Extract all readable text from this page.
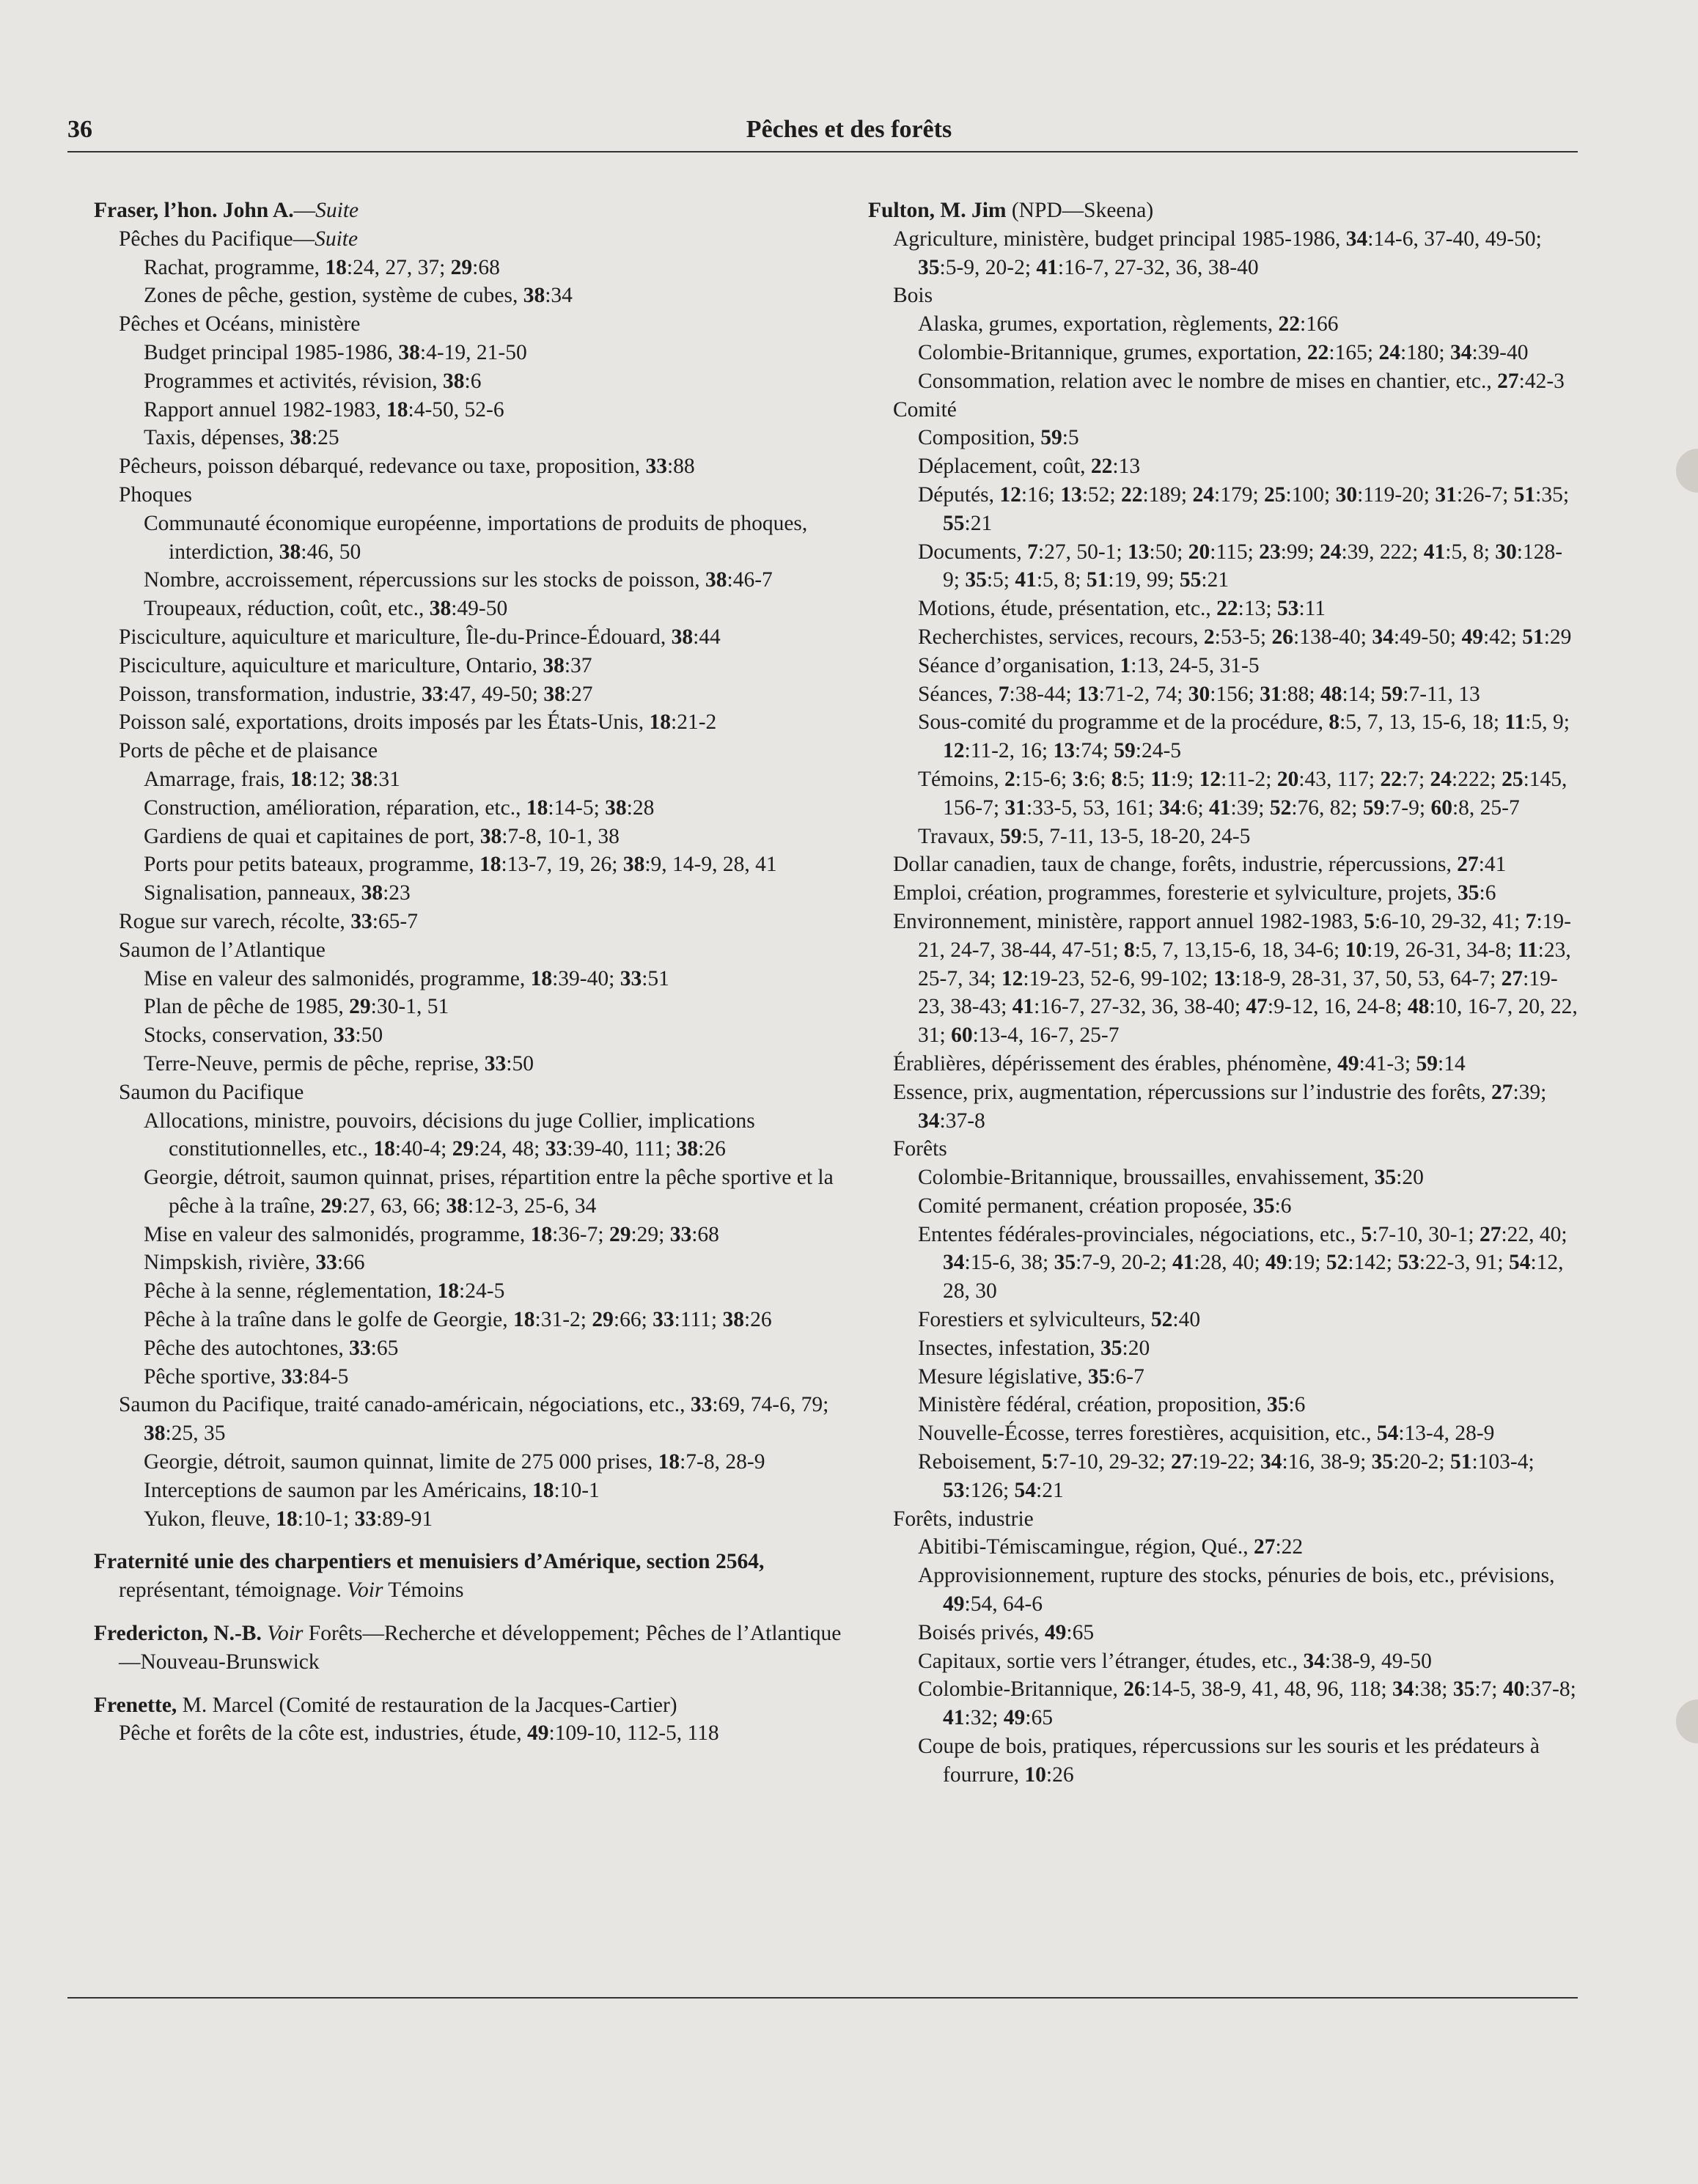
36	Pêches et des forêts
Fraser, l’hon. John A.—Suite
Pêches du Pacifique—Suite
Rachat, programme, 18:24, 27, 37; 29:68
Zones de pêche, gestion, système de cubes, 38:34
Pêches et Océans, ministère
Budget principal 1985-1986, 38:4-19, 21-50
Programmes et activités, révision, 38:6
Rapport annuel 1982-1983, 18:4-50, 52-6
Taxis, dépenses, 38:25
Pêcheurs, poisson débarqué, redevance ou taxe, proposition, 33:88
Phoques
Communauté économique européenne, importations de produits de phoques, interdiction, 38:46, 50
Nombre, accroissement, répercussions sur les stocks de poisson, 38:46-7
Troupeaux, réduction, coût, etc., 38:49-50
Pisciculture, aquiculture et mariculture, Île-du-Prince-Édouard, 38:44
Pisciculture, aquiculture et mariculture, Ontario, 38:37
Poisson, transformation, industrie, 33:47, 49-50; 38:27
Poisson salé, exportations, droits imposés par les États-Unis, 18:21-2
Ports de pêche et de plaisance
Amarrage, frais, 18:12; 38:31
Construction, amélioration, réparation, etc., 18:14-5; 38:28
Gardiens de quai et capitaines de port, 38:7-8, 10-1, 38
Ports pour petits bateaux, programme, 18:13-7, 19, 26; 38:9, 14-9, 28, 41
Signalisation, panneaux, 38:23
Rogue sur varech, récolte, 33:65-7
Saumon de l’Atlantique
Mise en valeur des salmonidés, programme, 18:39-40; 33:51
Plan de pêche de 1985, 29:30-1, 51
Stocks, conservation, 33:50
Terre-Neuve, permis de pêche, reprise, 33:50
Saumon du Pacifique
Allocations, ministre, pouvoirs, décisions du juge Collier, implications constitutionnelles, etc., 18:40-4; 29:24, 48; 33:39-40, 111; 38:26
Georgie, détroit, saumon quinnat, prises, répartition entre la pêche sportive et la pêche à la traîne, 29:27, 63, 66; 38:12-3, 25-6, 34
Mise en valeur des salmonidés, programme, 18:36-7; 29:29; 33:68
Nimpskish, rivière, 33:66
Pêche à la senne, réglementation, 18:24-5
Pêche à la traîne dans le golfe de Georgie, 18:31-2; 29:66; 33:111; 38:26
Pêche des autochtones, 33:65
Pêche sportive, 33:84-5
Saumon du Pacifique, traité canado-américain, négociations, etc., 33:69, 74-6, 79; 38:25, 35
Georgie, détroit, saumon quinnat, limite de 275 000 prises, 18:7-8, 28-9
Interceptions de saumon par les Américains, 18:10-1
Yukon, fleuve, 18:10-1; 33:89-91
Fraternité unie des charpentiers et menuisiers d’Amérique, section 2564, représentant, témoignage. Voir Témoins
Fredericton, N.-B. Voir Forêts—Recherche et développement; Pêches de l’Atlantique—Nouveau-Brunswick
Frenette, M. Marcel (Comité de restauration de la Jacques-Cartier)
Pêche et forêts de la côte est, industries, étude, 49:109-10, 112-5, 118
Fulton, M. Jim (NPD—Skeena)
Agriculture, ministère, budget principal 1985-1986, 34:14-6, 37-40, 49-50; 35:5-9, 20-2; 41:16-7, 27-32, 36, 38-40
Bois
Alaska, grumes, exportation, règlements, 22:166
Colombie-Britannique, grumes, exportation, 22:165; 24:180; 34:39-40
Consommation, relation avec le nombre de mises en chantier, etc., 27:42-3
Comité
Composition, 59:5
Déplacement, coût, 22:13
Députés, 12:16; 13:52; 22:189; 24:179; 25:100; 30:119-20; 31:26-7; 51:35; 55:21
Documents, 7:27, 50-1; 13:50; 20:115; 23:99; 24:39, 222; 41:5, 8; 30:128-9; 35:5; 41:5, 8; 51:19, 99; 55:21
Motions, étude, présentation, etc., 22:13; 53:11
Recherchistes, services, recours, 2:53-5; 26:138-40; 34:49-50; 49:42; 51:29
Séance d’organisation, 1:13, 24-5, 31-5
Séances, 7:38-44; 13:71-2, 74; 30:156; 31:88; 48:14; 59:7-11, 13
Sous-comité du programme et de la procédure, 8:5, 7, 13, 15-6, 18; 11:5, 9; 12:11-2, 16; 13:74; 59:24-5
Témoins, 2:15-6; 3:6; 8:5; 11:9; 12:11-2; 20:43, 117; 22:7; 24:222; 25:145, 156-7; 31:33-5, 53, 161; 34:6; 41:39; 52:76, 82; 59:7-9; 60:8, 25-7
Travaux, 59:5, 7-11, 13-5, 18-20, 24-5
Dollar canadien, taux de change, forêts, industrie, répercussions, 27:41
Emploi, création, programmes, foresterie et sylviculture, projets, 35:6
Environnement, ministère, rapport annuel 1982-1983, 5:6-10, 29-32, 41; 7:19-21, 24-7, 38-44, 47-51; 8:5, 7, 13,15-6, 18, 34-6; 10:19, 26-31, 34-8; 11:23, 25-7, 34; 12:19-23, 52-6, 99-102; 13:18-9, 28-31, 37, 50, 53, 64-7; 27:19-23, 38-43; 41:16-7, 27-32, 36, 38-40; 47:9-12, 16, 24-8; 48:10, 16-7, 20, 22, 31; 60:13-4, 16-7, 25-7
Érablières, dépérissement des érables, phénomène, 49:41-3; 59:14
Essence, prix, augmentation, répercussions sur l’industrie des forêts, 27:39; 34:37-8
Forêts
Colombie-Britannique, broussailles, envahissement, 35:20
Comité permanent, création proposée, 35:6
Ententes fédérales-provinciales, négociations, etc., 5:7-10, 30-1; 27:22, 40; 34:15-6, 38; 35:7-9, 20-2; 41:28, 40; 49:19; 52:142; 53:22-3, 91; 54:12, 28, 30
Forestiers et sylviculteurs, 52:40
Insectes, infestation, 35:20
Mesure législative, 35:6-7
Ministère fédéral, création, proposition, 35:6
Nouvelle-Écosse, terres forestières, acquisition, etc., 54:13-4, 28-9
Reboisement, 5:7-10, 29-32; 27:19-22; 34:16, 38-9; 35:20-2; 51:103-4; 53:126; 54:21
Forêts, industrie
Abitibi-Témiscamingue, région, Qué., 27:22
Approvisionnement, rupture des stocks, pénuries de bois, etc., prévisions, 49:54, 64-6
Boisés privés, 49:65
Capitaux, sortie vers l’étranger, études, etc., 34:38-9, 49-50
Colombie-Britannique, 26:14-5, 38-9, 41, 48, 96, 118; 34:38; 35:7; 40:37-8; 41:32; 49:65
Coupe de bois, pratiques, répercussions sur les souris et les prédateurs à fourrure, 10:26
